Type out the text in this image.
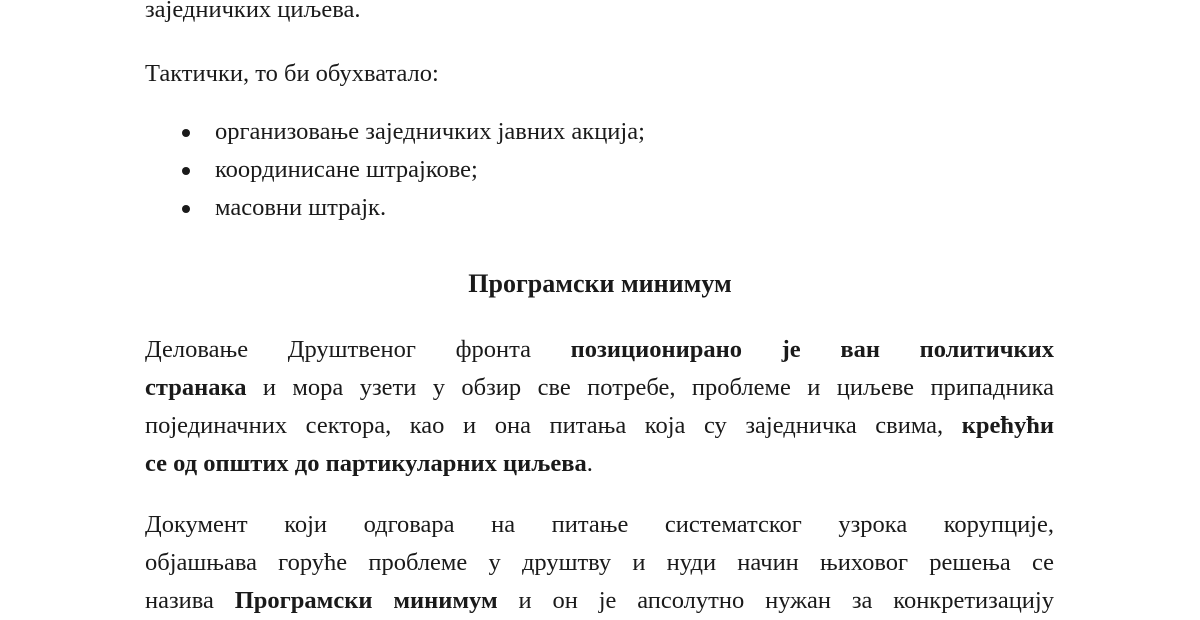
заједничких циљева.
Тактички, то би обухватало:
организовање заједничких јавних акција;
координисане штрајкове;
масовни штрајк.
Програмски минимум
Деловање Друштвеног фронта позиционирано је ван политичких
странака и мора узети у обзир све потребе, проблеме и циљеве припадника
појединачних сектора, као и она питања која су заједничка свима, крећући
се од општих до партикуларних циљева.
Документ који одговара на питање систематског узрока корупције,
објашњава горуће проблеме у друштву и нуди начин њиховог решења се
назива Програмски минимум и он је апсолутно нужан за конкретизацију
